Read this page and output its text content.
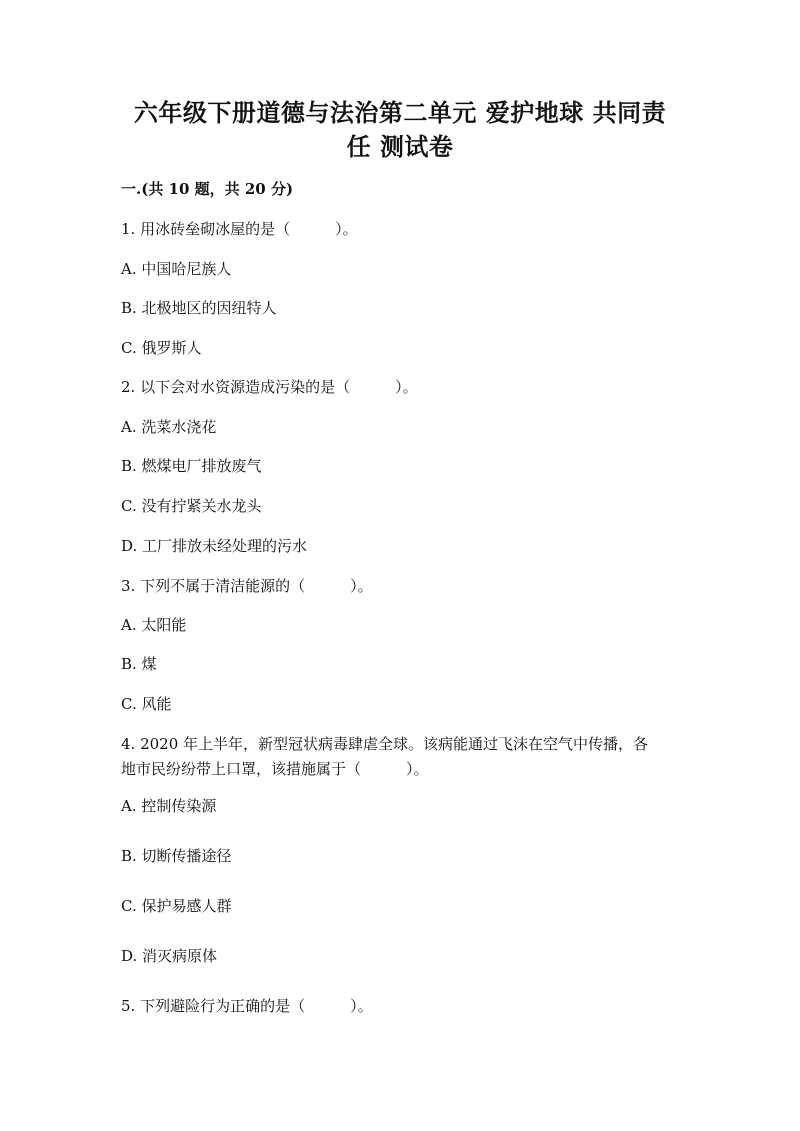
六年级下册道德与法治第二单元 爱护地球 共同责
任 测试卷
一.(共 10 题，共 20 分)
1. 用冰砖垒砌冰屋的是（　　　）。
A. 中国哈尼族人
B. 北极地区的因纽特人
C. 俄罗斯人
2. 以下会对水资源造成污染的是（　　　）。
A. 洗菜水浇花
B. 燃煤电厂排放废气
C. 没有拧紧关水龙头
D. 工厂排放未经处理的污水
3. 下列不属于清洁能源的（　　　）。
A. 太阳能
B. 煤
C. 风能
4. 2020 年上半年，新型冠状病毒肆虐全球。该病能通过飞沫在空气中传播，各
地市民纷纷带上口罩，该措施属于（　　　）。
A. 控制传染源
B. 切断传播途径
C. 保护易感人群
D. 消灭病原体
5. 下列避险行为正确的是（　　　）。
